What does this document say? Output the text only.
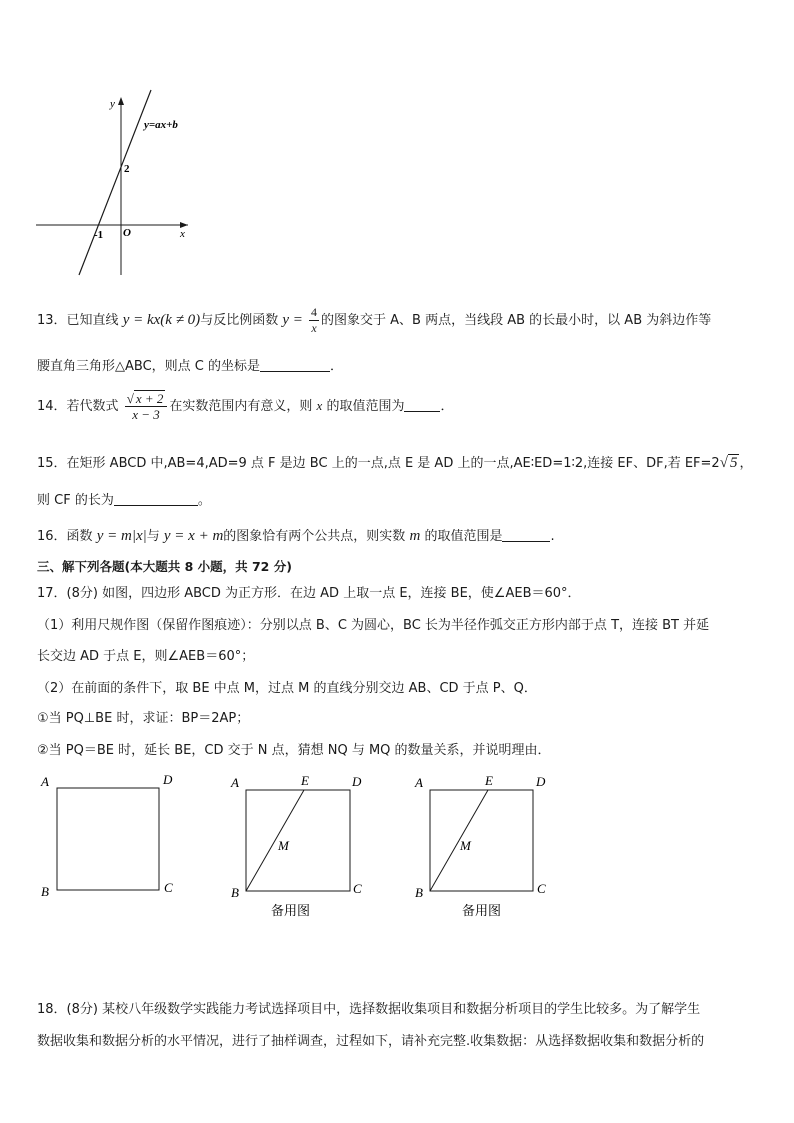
y
x
y=ax+b
2
-1 O
13．已知直线 y = kx(k ≠ 0)与反比例函数 $y = \frac{4}{x}$ 的图象交于 A、B 两点，当线段 AB 的长最小时，以 AB 为斜边作等
腰直角三角形△ABC，则点 C 的坐标是	．
14．若代数式 $\frac{√ x + 2}{x - 3}$ 在实数范围内有意义，则 x 的取值范围为	．
15．在矩形 ABCD 中,AB=4,AD=9 点 F 是边 BC 上的一点,点 E 是 AD 上的一点,AE∶ED=1∶2,连接 EF、DF,若 EF=2√ 5 ，
则 CF 的长为	。
16．函数 y = m|x|与 y = x + m的图象恰有两个公共点，则实数 m 的取值范围是	.
三、解下列各题(本大题共 8 小题，共 72 分)
17．(8分) 如图，四边形 ABCD 为正方形．在边 AD 上取一点 E，连接 BE，使∠AEB＝60°．
（1）利用尺规作图（保留作图痕迹）：分别以点 B、C 为圆心，BC 长为半径作弧交正方形内部于点 T，连接 BT 并延
长交边 AD 于点 E，则∠AEB＝60°；
（2）在前面的条件下，取 BE 中点 M，过点 M 的直线分别交边 AB、CD 于点 P、Q．
①当 PQ⊥BE 时，求证：BP＝2AP；
②当 PQ＝BE 时，延长 BE，CD 交于 N 点，猜想 NQ 与 MQ 的数量关系，并说明理由．
A	D
B	C
A	E	D
M
B	C
备用图
A	E	D
M
B	C
备用图
18．(8分) 某校八年级数学实践能力考试选择项目中，选择数据收集项目和数据分析项目的学生比较多。为了解学生
数据收集和数据分析的水平情况，进行了抽样调查，过程如下，请补充完整.收集数据：从选择数据收集和数据分析的
